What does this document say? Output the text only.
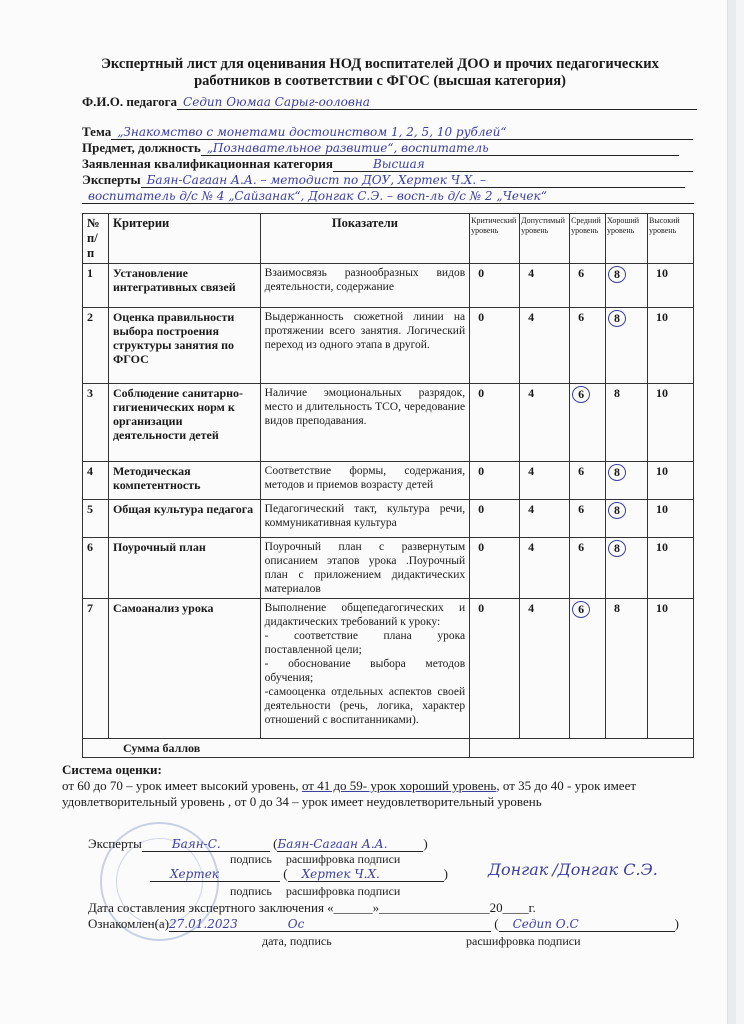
Экспертный лист для оценивания НОД воспитателей ДОО и прочих педагогических
работников в соответствии с ФГОС (высшая категория)
Ф.И.О. педагога Седип Оюмаа Сарыг-ооловна
Тема „Знакомство с монетами достоинством 1, 2, 5, 10 рублей“
Предмет, должность „Познавательное развитие“, воспитатель
Заявленная квалификационная категория	Высшая
Эксперты Баян-Сагаан А.А. – методист по ДОУ, Хертек Ч.Х. –
воспитатель д/с № 4 „Сайзанак“, Донгак С.Э. – восп-ль д/с № 2 „Чечек“
№ п/ п	Критерии	Показатели	Критический уровень	Допустимый уровень	Средний уровень	Хороший уровень	Высокий уровень
1	Установление интегративных связей	Взаимосвязь разнообразных видов деятельности, содержание	0	4	6	8	10
2	Оценка правильности выбора построения структуры занятия по ФГОС	Выдержанность сюжетной линии на протяжении всего занятия. Логический переход из одного этапа в другой.	0	4	6	8	10
3	Соблюдение санитарно-гигиенических норм к организации деятельности детей	Наличие эмоциональных разрядок, место и длительность ТСО, чередование видов преподавания.	0	4	6	8	10
4	Методическая компетентность	Соответствие формы, содержания, методов и приемов возрасту детей	0	4	6	8	10
5	Общая культура педагога	Педагогический такт, культура речи, коммуникативная культура	0	4	6	8	10
6	Поурочный план	Поурочный план с развернутым описанием этапов урока .Поурочный план с приложением дидактических материалов	0	4	6	8	10
7	Самоанализ урока	Выполнение общепедагогических и дидактических требований к уроку:
- соответствие плана урока поставленной цели;
- обоснование выбора методов обучения;
-самооценка отдельных аспектов своей деятельности (речь, логика, характер отношений с воспитанниками).	0	4	6	8	10
Сумма баллов							
Система оценки:
от 60 до 70 – урок имеет высокий уровень, от 41 до 59- урок хороший уровень, от 35 до 40 - урок имеет удовлетворительный уровень , от 0 до 34 – урок имеет неудовлетворительный уровень
Эксперты	Баян-С.	(Баян-Сагаан А.А.	)
подпись расшифровка подписи
Хертек	( Хертек Ч.Х.	)	Донгак /Донгак С.Э.
подпись расшифровка подписи
Дата составления экспертного заключения «______»_________________20____г.
Ознакомлен(а)27.01.2023	Ос	( Седип О.С	)
дата, подпись	расшифровка подписи
